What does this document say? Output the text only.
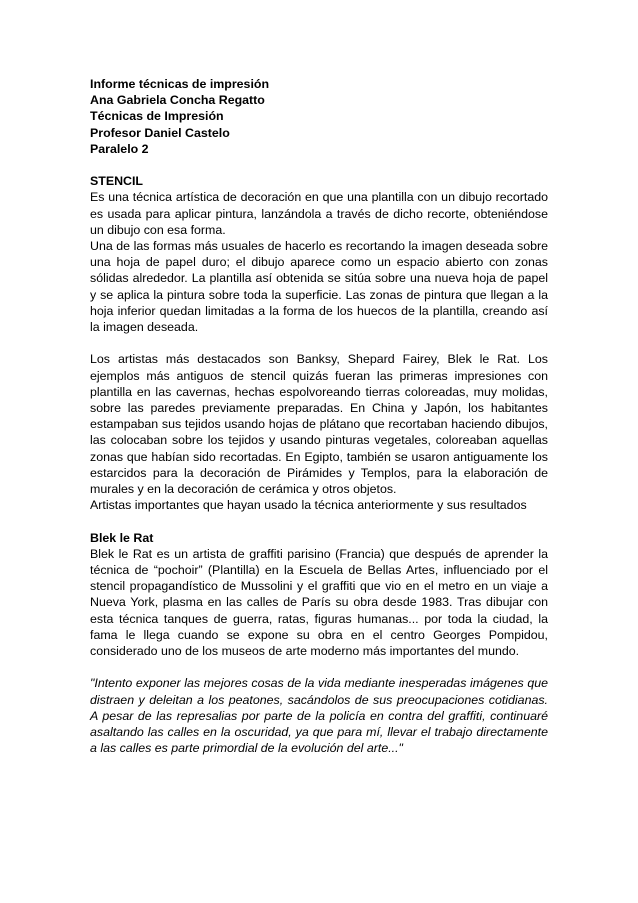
Informe técnicas de impresión
Ana Gabriela Concha Regatto
Técnicas de Impresión
Profesor Daniel Castelo
Paralelo 2
STENCIL

Es una técnica artística de decoración en que una plantilla con un dibujo recortado es usada para aplicar pintura, lanzándola a través de dicho recorte, obteniéndose un dibujo con esa forma.

Una de las formas más usuales de hacerlo es recortando la imagen deseada sobre una hoja de papel duro; el dibujo aparece como un espacio abierto con zonas sólidas alrededor. La plantilla así obtenida se sitúa sobre una nueva hoja de papel y se aplica la pintura sobre toda la superficie. Las zonas de pintura que llegan a la hoja inferior quedan limitadas a la forma de los huecos de la plantilla, creando así la imagen deseada.

Los artistas más destacados son Banksy, Shepard Fairey, Blek le Rat. Los ejemplos más antiguos de stencil quizás fueran las primeras impresiones con plantilla en las cavernas, hechas espolvoreando tierras coloreadas, muy molidas, sobre las paredes previamente preparadas. En China y Japón, los habitantes estampaban sus tejidos usando hojas de plátano que recortaban haciendo dibujos, las colocaban sobre los tejidos y usando pinturas vegetales, coloreaban aquellas zonas que habían sido recortadas. En Egipto, también se usaron antiguamente los estarcidos para la decoración de Pirámides y Templos, para la elaboración de murales y en la decoración de cerámica y otros objetos.

Artistas importantes que hayan usado la técnica anteriormente y sus resultados

Blek le Rat

Blek le Rat es un artista de graffiti parisino (Francia) que después de aprender la técnica de “pochoir” (Plantilla) en la Escuela de Bellas Artes, influenciado por el stencil propagandístico de Mussolini y el graffiti que vio en el metro en un viaje a Nueva York, plasma en las calles de París su obra desde 1983. Tras dibujar con esta técnica tanques de guerra, ratas, figuras humanas... por toda la ciudad, la fama le llega cuando se expone su obra en el centro Georges Pompidou, considerado uno de los museos de arte moderno más importantes del mundo.

"Intento exponer las mejores cosas de la vida mediante inesperadas imágenes que distraen y deleitan a los peatones, sacándolos de sus preocupaciones cotidianas. A pesar de las represalias por parte de la policía en contra del graffiti, continuaré asaltando las calles en la oscuridad, ya que para mí, llevar el trabajo directamente a las calles es parte primordial de la evolución del arte..."
